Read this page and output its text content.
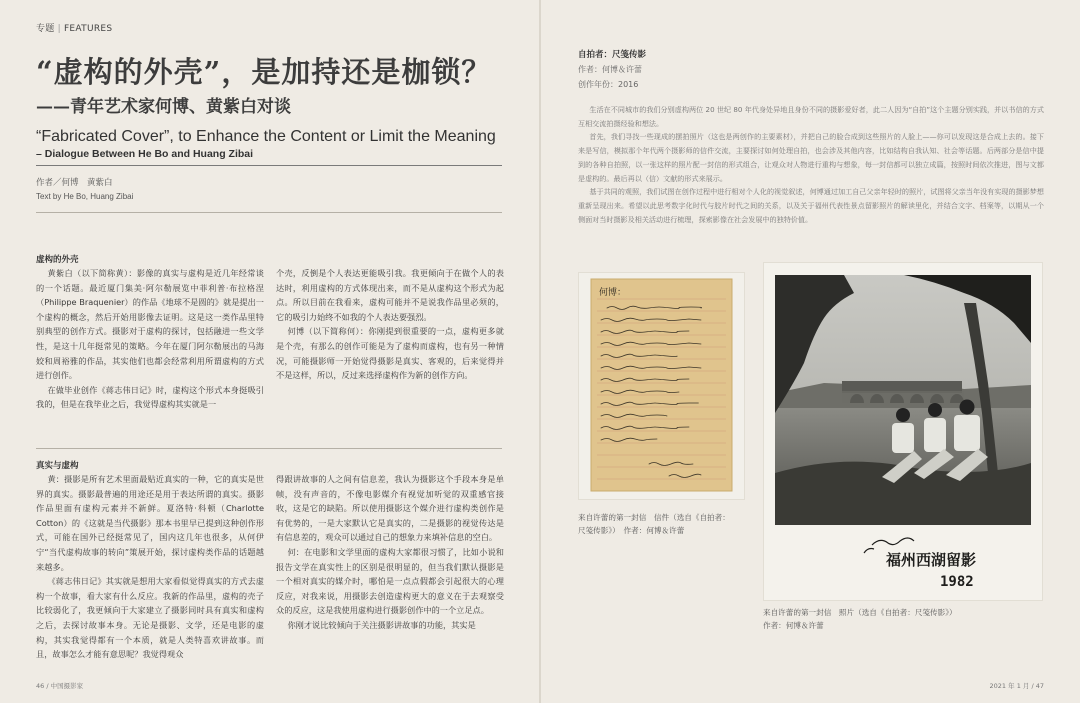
专题 | FEATURES
“虚构的外壳”，是加持还是枷锁？
——青年艺术家何博、黄紫白对谈
“Fabricated Cover”, to Enhance the Content or Limit the Meaning
– Dialogue Between He Bo and Huang Zibai
作者／何博　黄紫白
Text by He Bo, Huang Zibai
虚构的外壳

黄紫白（以下简称黄）：影像的真实与虚构是近几年经常谈的一个话题。最近厦门集美·阿尔勒展览中菲利普·布拉格涅（Philippe Braquenier）的作品《地球不是圆的》就是提出一个虚构的概念，然后开始用影像去证明。这是这一类作品里特别典型的创作方式。摄影对于虚构的探讨，包括融进一些文学性，是这十几年挺常见的策略。今年在厦门阿尔勒展出的马海姣和周裕雅的作品，其实他们也都会经常利用所谓虚构的方式进行创作。

在做毕业创作《蒋志伟日记》时，虚构这个形式本身挺吸引我的，但是在我毕业之后，我觉得虚构其实就是一

个壳，反倒是个人表达更能吸引我。我更倾向于在做个人的表达时，利用虚构的方式体现出来，而不是从虚构这个形式为起点。所以目前在我看来，虚构可能并不是说我作品里必须的，它的吸引力始终不如我的个人表达要强烈。

何博（以下简称何）：你刚提到很重要的一点，虚构更多就是个壳，有那么的创作可能是为了虚构而虚构，也有另一种情况，可能摄影师一开始觉得摄影是真实、客观的，后来觉得并不是这样，所以，反过来选择虚构作为新的创作方向。

真实与虚构

黄：摄影是所有艺术里面最贴近真实的一种，它的真实是世界的真实。摄影最普遍的用途还是用于表达所谓的真实。摄影作品里面有虚构元素并不新鲜。夏洛特·科顿（Charlotte Cotton）的《这就是当代摄影》那本书里早已提到这种创作形式，可能在国外已经挺常见了，国内这几年也很多，从何伊宁“当代虚构故事的转向”策展开始，探讨虚构类作品的话题越来越多。

《蒋志伟日记》其实就是想用大家看似觉得真实的方式去虚构一个故事，看大家有什么反应。我新的作品里，虚构的壳子比较弱化了，我更倾向于大家建立了摄影同时具有真实和虚构之后，去探讨故事本身。无论是摄影、文学，还是电影的虚构，其实我觉得都有一个本质，就是人类特喜欢讲故事。而且，故事怎么才能有意思呢？我觉得观众

得跟讲故事的人之间有信息差，我认为摄影这个手段本身是单帧，没有声音的，不像电影媒介有视觉加听觉的双重感官接收，这是它的缺陷。所以使用摄影这个媒介进行虚构类创作是有优势的，一是大家默认它是真实的，二是摄影的视觉传达是有信息差的，观众可以通过自己的想象力来填补信息的空白。

何：在电影和文学里面的虚构大家都很习惯了，比如小说和报告文学在真实性上的区别是很明显的，但当我们默认摄影是一个相对真实的媒介时，哪怕是一点点假都会引起很大的心理反应，对我来说，用摄影去创造虚构更大的意义在于去观察受众的反应，这是我使用虚构进行摄影创作中的一个立足点。

你刚才说比较倾向于关注摄影讲故事的功能，其实是

46 / 中国摄影家
自拍者：尺笺传影
作者：何博＆许蕾
创作年份：2016

生活在不同城市的我们分别虚构两位 20 世纪 80 年代身处异地且身份不同的摄影爱好者，此二人因为“自拍”这个主题分别实践，并以书信的方式互相交流拍摄经验和想法。

首先，我们寻找一些现成的摆拍照片（这也是两创作的主要素材），并把自己的脸合成到这些照片的人脸上——你可以发现这是合成上去的。接下来是写信，模拟那个年代两个摄影师的信件交流，主要探讨如何处理自拍，也会涉及其他内容，比如结构自我认知、社会等话题。后两部分是信中提到的各种自拍照，以一张这样的照片配一封信的形式组合，让观众对人物进行重构与想象，每一封信都可以独立成篇，按照时间依次推进，图与文都是虚构的。最后再以（信）文献的形式来展示。

基于共同的观照，我们试图在创作过程中进行相对个人化的视觉叙述，何博通过加工自己父亲年轻时的照片，试图将父亲当年没有实现的摄影梦想重新呈现出来。希望以此思考数字化时代与胶片时代之间的关系，以及关于福州代表性景点留影照片的解读里化，并结合文字、档案等，以期从一个侧面对当时摄影及相关活动进行梳理，探索影像在社会发展中的独特价值。

何博：
福州西湖留影
1982
来自许蕾的第一封信　信件（选自《自拍者：
尺笺传影》）　作者：何博＆许蕾
来自许蕾的第一封信　照片（选自《自拍者：尺笺传影》）
作者：何博＆许蕾
2021 年 1 月 / 47
